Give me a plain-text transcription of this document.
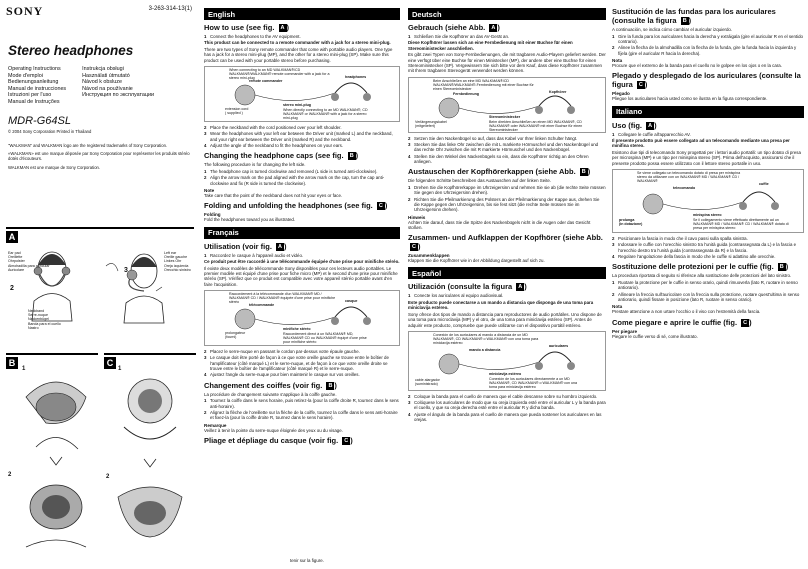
SONY	3-263-314-13(1)
Stereo headphones
Operating Instructions
Mode d'emploi
Bedienungsanleitung
Manual de instrucciones
Istruzioni per l'uso
Manual de Instruções
Instrukcja obsługi
Használati útmutató
Návod k obsluze
Návod na používanie
Инструкция по эксплуатации
MDR-G64SL
© 2004 Sony Corporation Printed in Thailand

"WALKMAN" and WALKMAN logo are the registered trademarks of Sony Corporation.

«WALKMAN» est une marque déposée par Sony Corporation pour représenter les produits stéréo dotés d'écouteurs.

WALKMAN est une marque de Sony Corporation.

A
Ear pad
Oreillette
Ohrpolster
Almohadilla para auricular
Auricolare
Left ear
Oreille gauche
Linkes Ohr
Oreja izquierda
Orecchio sinistro
Neckband
Serre-nuque
Nackenbügel
Banda para el cuello
Nastro
2
3
B
1
2
C
1
2
English
How to use (see fig. A )
1 Connect the headphones to the AV equipment.

This product can be connected to a remote commander with a jack for a stereo mini-plug.

There are two types of Sony remote commander that come with portable audio players. One type has a jack for a stereo mini-plug (MP), and the other for a stereo mini-plug (SP). Make sure this product can be used with your portable stereo before purchasing.

When connecting to an MD WALKMAN®/CD WALKMAN®/WALKMAN® remote commander with a jack for a stereo mini-plug
remote commander
headphones
extension cord
( supplied )
stereo mini-plug
When directly connecting to an MD WALKMAN®, CD WALKMAN® or WALKMAN® with a jack for a stereo mini-plug
2 Place the neckband with the cord positioned over your left shoulder.
3 Wear the headphones with your left ear between the Driver unit (marked L) and the neckband, and your right ear between the Driver unit (marked R) and the neckband.
4 Adjust the angle of the neckband to fit the headphones on your ears.
Changing the headphone caps (see fig. B )

The following procedure is for changing the left side.

1 The headphone cap is turned clockwise and removed (L side is turned anti-clockwise).
2 Align the arrow mark on the pad aligned with the arrow mark on the cap, turn the cap anti-clockwise and fix (R side is turned the clockwise).
Note

Take care that the point of the neckband does not hit your eyes or face.

Folding and unfolding the headphones (see fig. C )
Folding

Fold the headphones toward you as illustrated.

Français
Utilisation (voir fig. A )
1 Raccordez le casque à l'appareil audio et vidéo.

Ce produit peut être raccordé à une télécommande équipée d'une prise pour miniﬁche stéréo.

Il existe deux modèles de télécommande Sony disponibles pour ces lecteurs audio portables. Le premier modèle est équipé d'une prise pour fiche micro (MP) et le second d'une prise pour miniﬁche stéréo (SP). Vérifiez que ce produit est compatible avec votre appareil stéréo portable avant d'en faire l'acquisition.

Raccordement à la télécommande d'un WALKMAN® MD / WALKMAN® CD / WALKMAN® équipée d'une prise pour miniﬁche stéréo
télécommande
casque
prolongateur
(fourni)
miniﬁche stéréo
Raccordement direct à un WALKMAN® MD, WALKMAN® CD ou WALKMAN® équipé d'une prise pour miniﬁche stéréo
2 Placez le serre-nuque en passant le cordon par-dessus votre épaule gauche.
3 Le casque doit être porté de façon à ce que votre oreille gauche se trouve entre le boîtier de l'amplificateur (côté marqué L) et le serre-nuque, et de façon à ce que votre oreille droite se trouve entre le boîtier de l'amplificateur (côté marqué R) et le serre-nuque.
4 Ajustez l'angle du serre-nuque pour bien maintenir le casque sur vos oreilles.
Changement des coiffes (voir fig. B )

La procédure de changement suivante s'applique à la coiffe gauche.

1 Tournez la coiffe dans le sens horaire, puis retirez-la (pour la coiffe droite R, tournez dans le sens anti-horaire).
2 Alignez la flèche de l'oreillette sur la flèche de la coiffe, tournez la coiffe dans le sens anti-horaire et fixez-la (pour la coiffe droite R, tournez dans le sens horaire).
Remarque

Veillez à tenir la pointe du serre-nuque éloignée des yeux ou du visage.

Pliage et dépliage du casque (voir fig. C )
Deutsch
Gebrauch (siehe Abb. A )
1 Schließen Sie die Kopfhörer an das AV-Gerät an.

Diese Kopfhörer lassen sich an eine Fernbedienung mit einer Buchse für einen Stereoministecker anschließen.

Es gibt zwei Typen von Sony-Fernbedienungen, die mit tragbaren Audio-Playern geliefert werden. Der eine verfügt über eine Buchse für einen Ministecker (MP), der andere über eine Buchse für einen Stereoministecker (SP). Vergewissern Sie sich bitte vor dem Kauf, dass diese Kopfhörer zusammen mit Ihrem tragbaren Stereogerät verwendet werden können.

Beim Anschließen an eine MD WALKMAN®/CD WALKMAN®/WALKMAN®-Fernbedienung mit einer Buchse für einen Stereoministecker
Fernbedienung	Kopfhörer
Verlängerungskabel
(mitgeliefert)
Stereoministecker
Beim direkten Anschließen an einen MD WALKMAN®, CD WALKMAN® oder WALKMAN® mit einer Buchse für einen Stereoministecker
2 Setzen Sie den Nackenbügel so auf, dass das Kabel vor Ihrer linken Schulter hängt.
3 Stecken Sie das linke Ohr zwischen die mit L markierte Hörmuschel und den Nackenbügel und das rechte Ohr zwischen die mit R markierte Hörmuschel und den Nackenbügel.
4 Stellen Sie den Winkel des Nackenbügels so ein, dass die Kopfhörer richtig an den Ohren anliegen.
Austauschen der Kopfhörerkappen (siehe Abb. B )

Die folgenden Schritte beschreiben das Austauschen auf der linken Seite.

1 Drehen Sie die Kopfhörerkappe im Uhrzeigersinn und nehmen Sie sie ab (die rechte Seite müssen Sie gegen den Uhrzeigersinn drehen).
2 Richten Sie die Pfeilmarkierung des Polsters an der Pfeilmarkierung der Kappe aus, drehen Sie die Kappe gegen den Uhrzeigersinn, bis sie fest sitzt (die rechte Seite müssen Sie im Uhrzeigersinn drehen).
Hinweis

Achten Sie darauf, dass Sie die Spitze des Nackenbügels nicht in die Augen oder das Gesicht stoßen.

Zusammen- und Aufklappen der Kopfhörer (siehe Abb. C )
Zusammenklappen

Klappen Sie die Kopfhörer wie in der Abbildung dargestellt auf sich zu.

Español
Utilización (consulte la figura A )
1 Conecte los auriculares al equipo audiovisual.

Este producto puede conectarse a un mando a distancia que disponga de una toma para miniclavija estéreo.

Sony ofrece dos tipos de mando a distancia para reproductores de audio portátiles. Uno dispone de una toma para microclavija (MP) y el otro, de una toma para miniclavija estéreo (SP). Antes de adquirir este producto, compruebe que puede utilizarse con el dispositivo portátil estéreo.

Conexión de los auriculares al mando a distancia de un MD WALKMAN®, CD WALKMAN® o WALKMAN® con una toma para miniclavija estéreo
mando a distancia
auriculares
cable alargador
(suministrado)
miniclavija estéreo
Conexión de los auriculares directamente a un MD WALKMAN®, CD WALKMAN® o WALKMAN® con una toma para miniclavija estéreo
2 Coloque la banda para el cuello de manera que el cable descanse sobre su hombro izquierdo.
3 Colóquese los auriculares de modo que su oreja izquierda esté entre el auricular L y la banda para el cuello, y que su oreja derecha esté entre el auricular R y dicha banda.
4 Ajuste el ángulo de la banda para el cuello de manera que pueda sostener los auriculares en las orejas.
Sustitución de las fundas para los auriculares (consulte la figura B )

A continuación, se indica cómo cambiar el auricular izquierdo.

1 Gire la funda para los auriculares hacia la derecha y extráigala (gire el auricular R en el sentido contrario).
2 Alinee la flecha de la almohadilla con la flecha de la funda, gire la funda hacia la izquierda y fíjela (gire el auricular R hacia la derecha).
Nota

Procure que el extremo de la banda para el cuello no le golpee en los ojos o en la cara.

Plegado y desplegado de los auriculares (consulte la figura C )
Plegado

Pliegue los auriculares hacia usted como se ilustra en la figura correspondiente.

Italiano
Uso (fig. A )
1 Collegare le cuffie all'apparecchio AV.

Il presente prodotto può essere collegato ad un telecomando mediante una presa per miniﬁna stereo.

Esistono due tipi di telecomando Sony progettati per i lettori audio portatili: un tipo dotato di presa per microspina (MP) e un tipo per minispina stereo (SP). Prima dell'acquisto, assicurarsi che il presente prodotto possa essere utilizzato con il lettore stereo portatile in uso.

Se viene collegato un telecomando dotato di presa per minispina stereo da utilizzare con un WALKMAN® MD / WALKMAN® CD / WALKMAN®
telecomando
cuffie
prolunga
(in dotazione)
minispina stereo
Se il collegamento viene effettuato direttamente ad un WALKMAN® MD / WALKMAN® CD / WALKMAN® dotato di presa per minispina stereo
2 Posizionare la fascia in modo che il cavo passi sulla spalla sinistra.
3 Indossare le cuffie con l'orecchio sinistro tra l'unità guida (contrassegnata da L) e la fascia e l'orecchio destro tra l'unità guida (contrassegnata da R) e la fascia.
4 Regolare l'angolazione della fascia in modo che le cuffie si adattino alle orecchie.
Sostituzione delle protezioni per le cuffie (fig. B )

La procedura riportata di seguito si riferisce alla sostituzione delle protezioni del lato sinistro.

1 Ruotare la protezione per le cuffie in senso orario, quindi rimuoverla (lato R, ruotare in senso antiorario).
2 Allineare la freccia sull'auricolare con la freccia sulla protezione, ruotare quest'ultima in senso antiorario, quindi fissare in posizione (lato R, ruotare in senso orario).
Nota

Prestare attenzione a non urtare l'occhio o il viso con l'estremità della fascia.

Come piegare e aprire le cuffie (fig. C )
Per piegare

Piegare le cuffie verso di sé, come illustrato.

tenir sur la figure.
